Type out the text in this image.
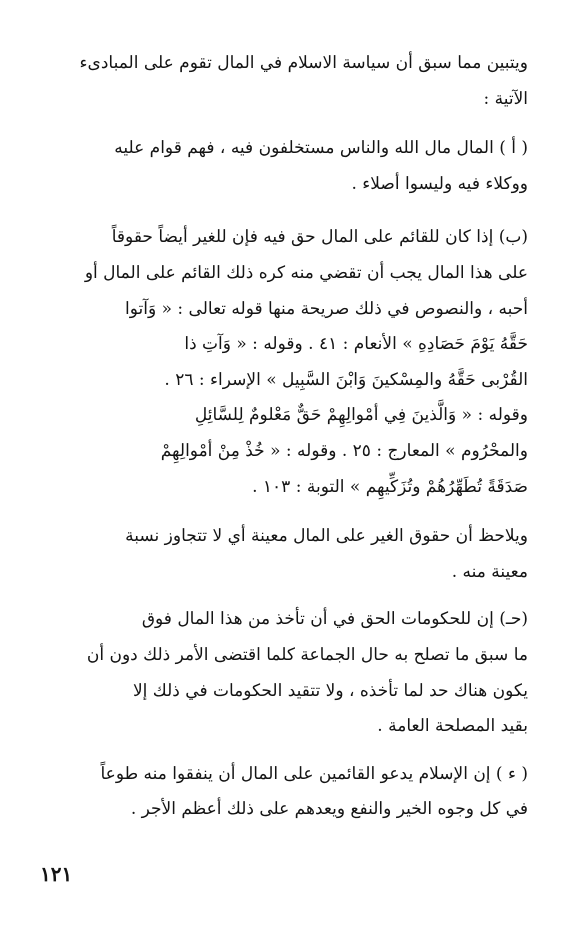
ويتبين مما سبق أن سياسة الاسلام في المال تقوم على المبادىء
الآتية :

( أ ) المال مال الله والناس مستخلفون فيه ، فهم قوام عليه
ووكلاء فيه وليسوا أصلاء .

(ب) إذا كان للقائم على المال حق فيه فإن للغير أيضاً حقوقاً
على هذا المال يجب أن تقضي منه كره ذلك القائم على المال أو
أحبه ، والنصوص في ذلك صريحة منها قوله تعالى : « وَآتوا
حَقَّهُ يَوْمَ حَصَادِهِ » الأنعام : ٤١ . وقوله : « وَآتِ ذا
القُرْبى حَقَّهُ والمِسْكينَ وَابْنَ السَّبِيل » الإسراء : ٢٦ .
وقوله : « وَالَّذينَ فِي أمْوالِهِمْ حَقٌّ مَعْلومٌ لِلسَّائِلِ
والمحْرُوم » المعارج : ٢٥ . وقوله : « خُذْ مِنْ أمْوالِهِمْ
صَدَقَةً تُطَهِّرُهُمْ وتُزَكِّيهِم » التوبة : ١٠٣ .

ويلاحظ أن حقوق الغير على المال معينة أي لا تتجاوز نسبة
معينة منه .

(حـ) إن للحكومات الحق في أن تأخذ من هذا المال فوق
ما سبق ما تصلح به حال الجماعة كلما اقتضى الأمر ذلك دون أن
يكون هناك حد لما تأخذه ، ولا تتقيد الحكومات في ذلك إلا
بقيد المصلحة العامة .

( ء ) إن الإسلام يدعو القائمين على المال أن ينفقوا منه طوعاً
في كل وجوه الخير والنفع ويعدهم على ذلك أعظم الأجر .

١٢١
